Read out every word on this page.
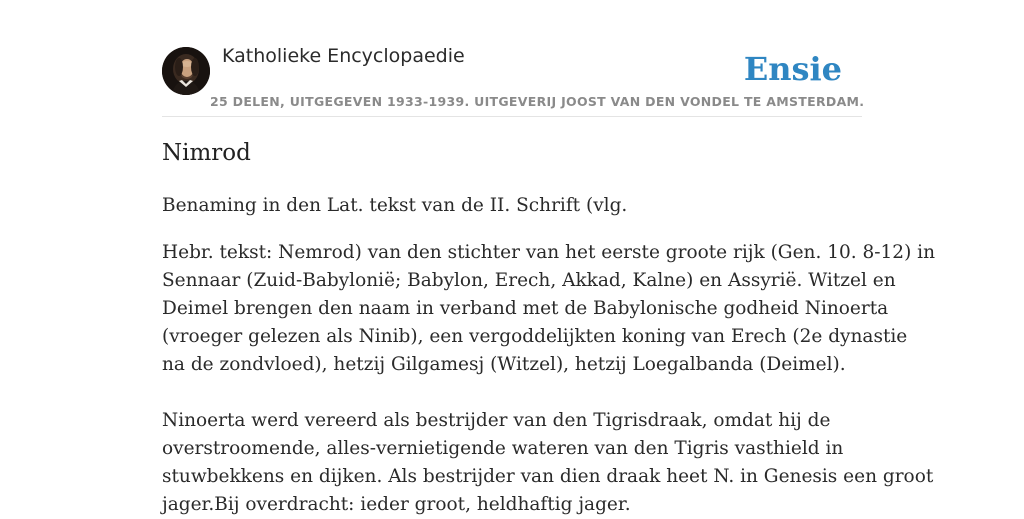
Katholieke Encyclopaedie
25 DELEN, UITGEGEVEN 1933-1939. UITGEVERIJ JOOST VAN DEN VONDEL TE AMSTERDAM.
Ensie
Nimrod

Benaming in den Lat. tekst van de II. Schrift (vlg.

Hebr. tekst: Nemrod) van den stichter van het eerste groote rijk (Gen. 10. 8-12) in
Sennaar (Zuid-Babylonië; Babylon, Erech, Akkad, Kalne) en Assyrië. Witzel en
Deimel brengen den naam in verband met de Babylonische godheid Ninoerta
(vroeger gelezen als Ninib), een vergoddelijkten koning van Erech (2e dynastie
na de zondvloed), hetzij Gilgamesj (Witzel), hetzij Loegalbanda (Deimel).

Ninoerta werd vereerd als bestrijder van den Tigrisdraak, omdat hij de
overstroomende, alles-vernietigende wateren van den Tigris vasthield in
stuwbekkens en dijken. Als bestrijder van dien draak heet N. in Genesis een groot
jager.Bij overdracht: ieder groot, heldhaftig jager.
